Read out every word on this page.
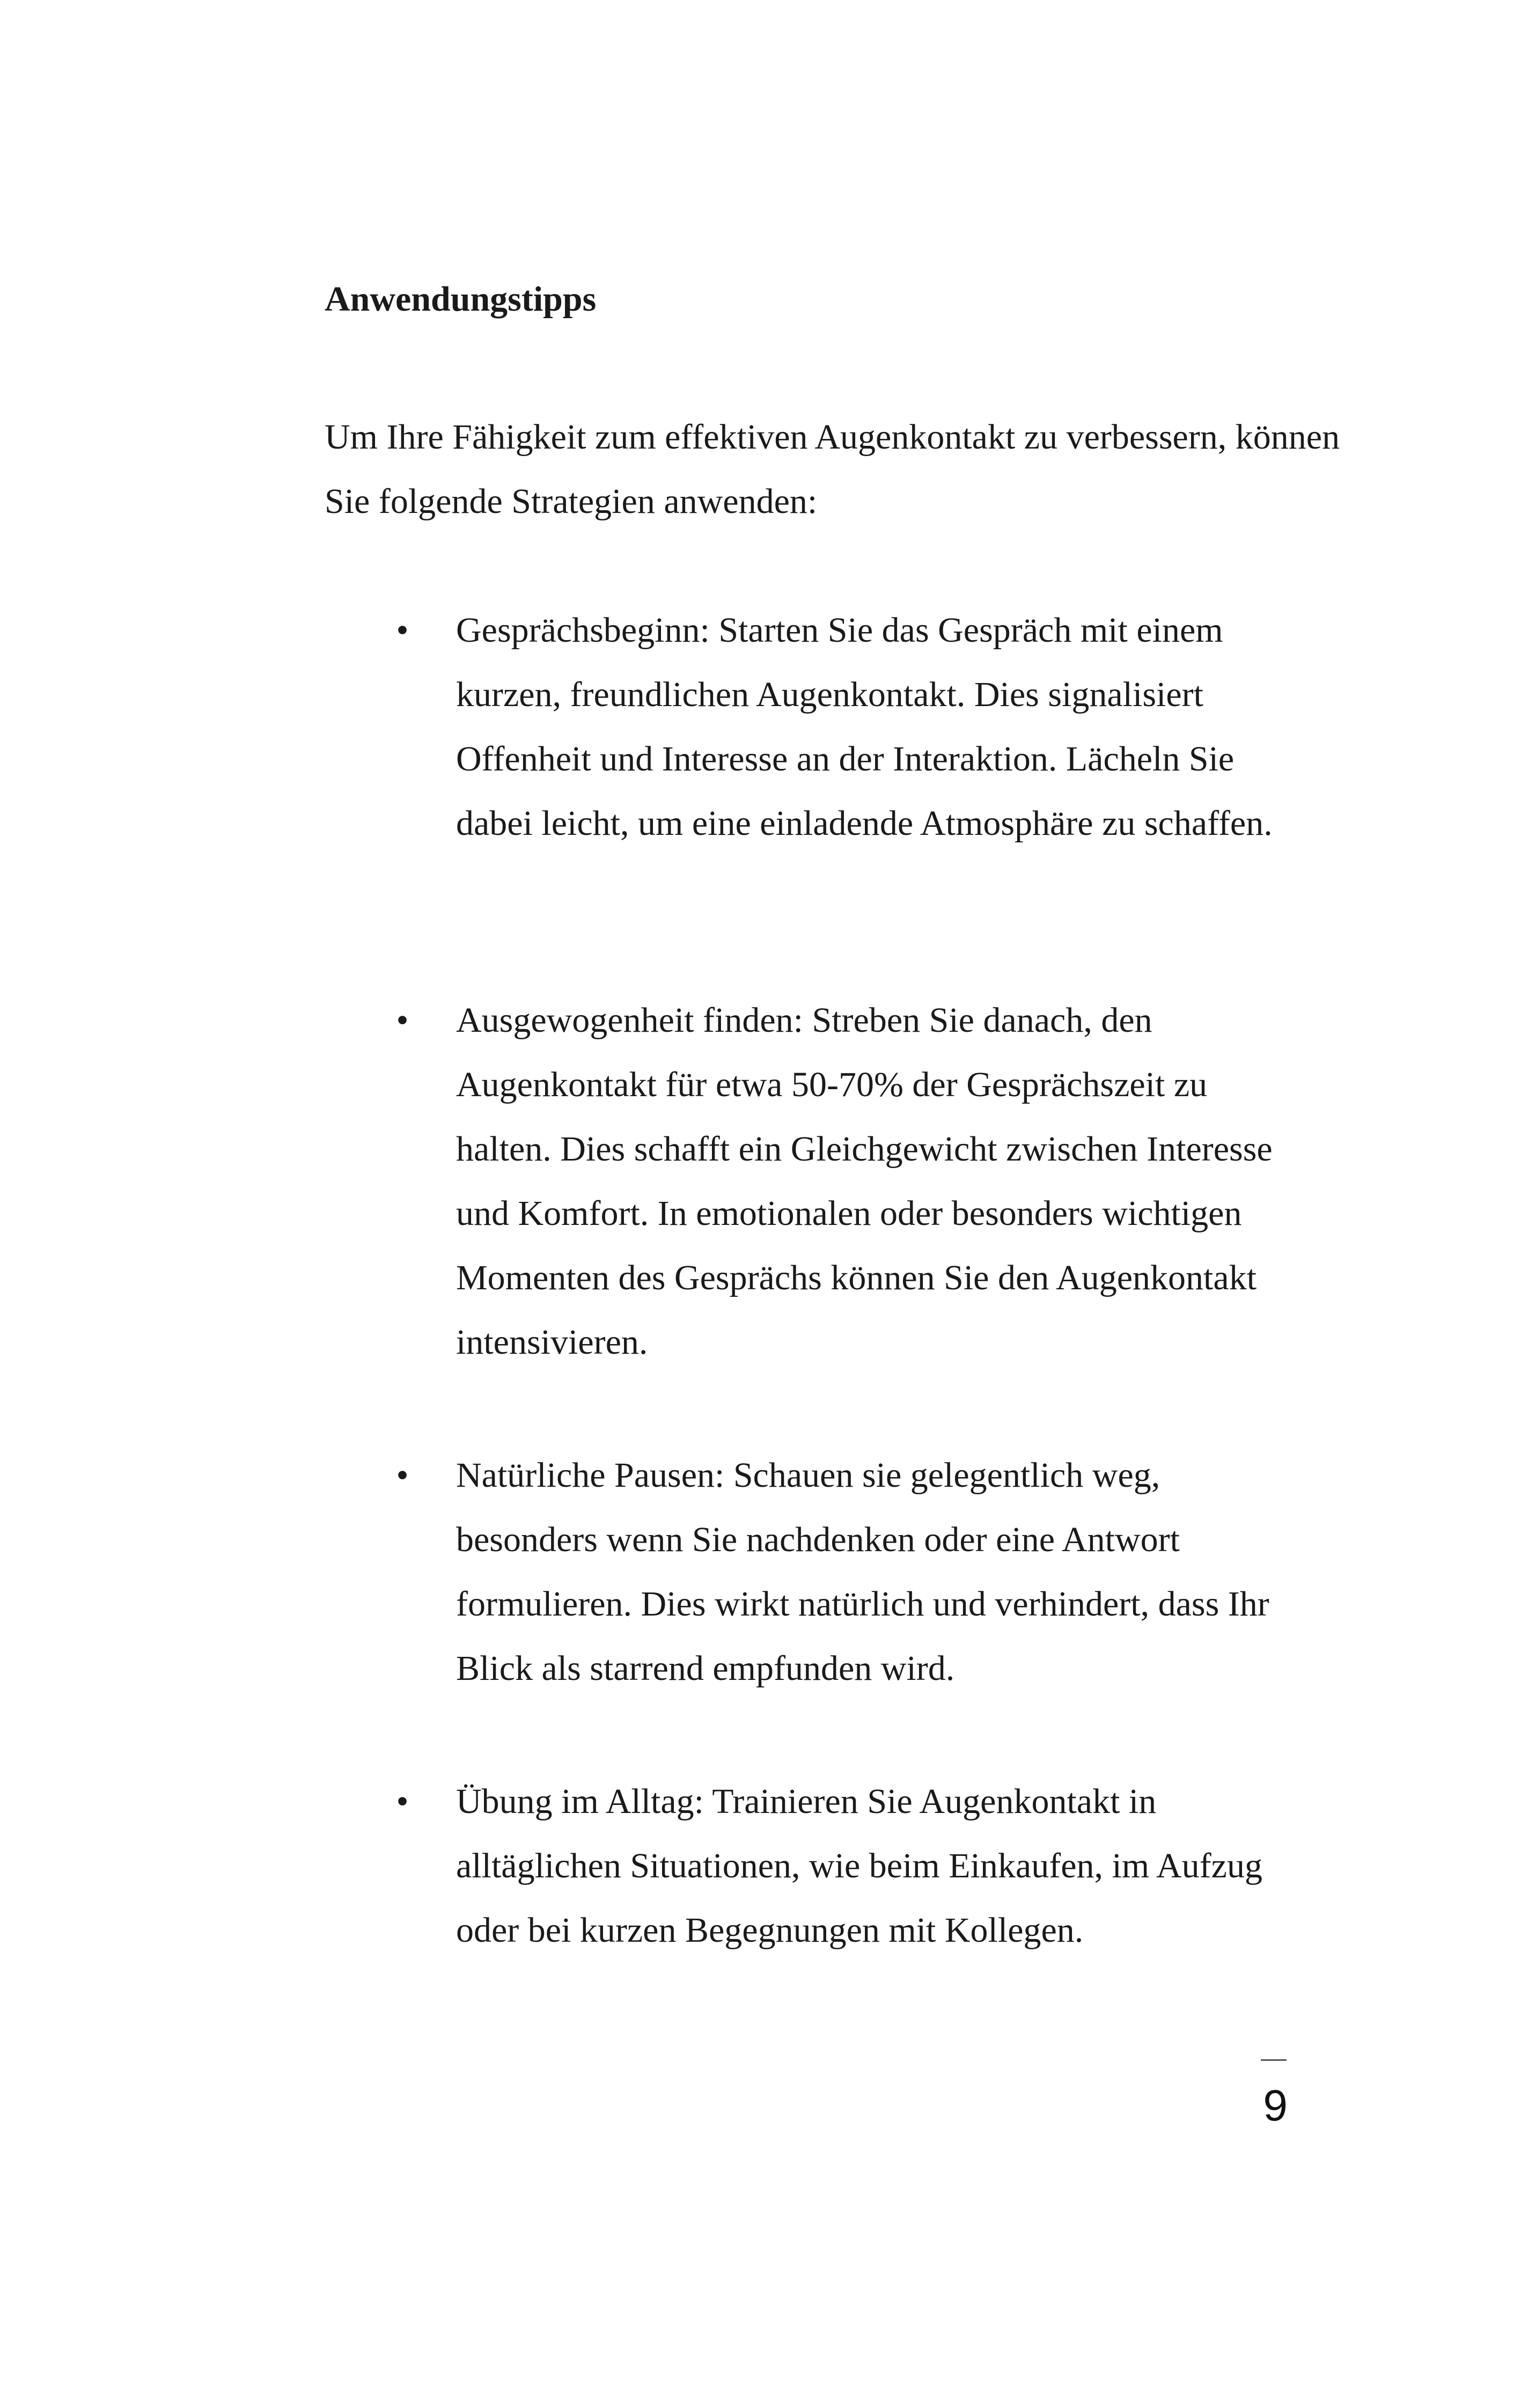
Anwendungstipps

Um Ihre Fähigkeit zum effektiven Augenkontakt zu verbessern, können Sie folgende Strategien anwenden:

• Gesprächsbeginn: Starten Sie das Gespräch mit einem kurzen, freundlichen Augenkontakt. Dies signalisiert Offenheit und Interesse an der Interaktion. Lächeln Sie dabei leicht, um eine einladende Atmosphäre zu schaffen.
• Ausgewogenheit finden: Streben Sie danach, den Augenkontakt für etwa 50-70% der Gesprächszeit zu halten. Dies schafft ein Gleichgewicht zwischen Interesse und Komfort. In emotionalen oder besonders wichtigen Momenten des Gesprächs können Sie den Augenkontakt intensivieren.
• Natürliche Pausen: Schauen sie gelegentlich weg, besonders wenn Sie nachdenken oder eine Antwort formulieren. Dies wirkt natürlich und verhindert, dass Ihr Blick als starrend empfunden wird.
• Übung im Alltag: Trainieren Sie Augenkontakt in alltäglichen Situationen, wie beim Einkaufen, im Aufzug oder bei kurzen Begegnungen mit Kollegen.
9
